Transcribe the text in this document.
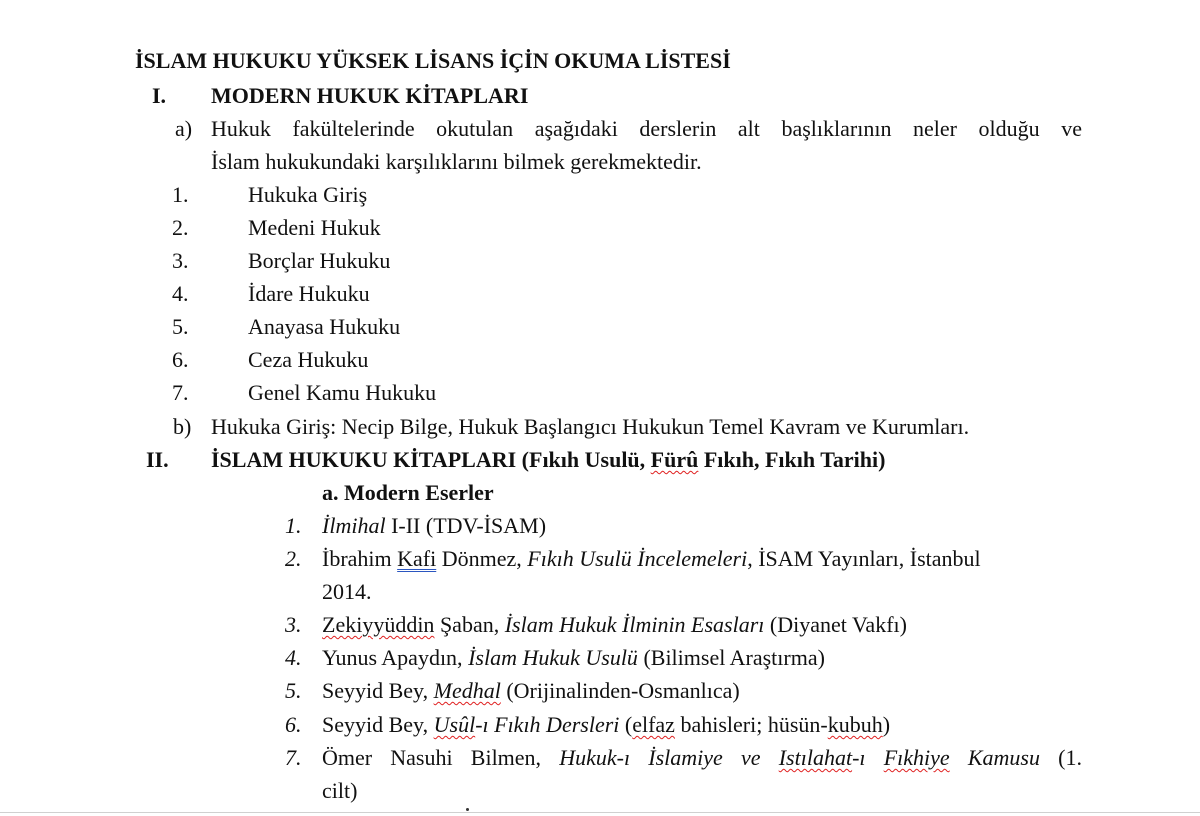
İSLAM HUKUKU YÜKSEK LİSANS İÇİN OKUMA LİSTESİ
I. MODERN HUKUK KİTAPLARI
a) Hukuk fakültelerinde okutulan aşağıdaki derslerin alt başlıklarının neler olduğu ve
İslam hukukundaki karşılıklarını bilmek gerekmektedir.
1.	Hukuka Giriş
2.	Medeni Hukuk
3.	Borçlar Hukuku
4.	İdare Hukuku
5.	Anayasa Hukuku
6.	Ceza Hukuku
7.	Genel Kamu Hukuku
b) Hukuka Giriş: Necip Bilge, Hukuk Başlangıcı Hukukun Temel Kavram ve Kurumları.
II. İSLAM HUKUKU KİTAPLARI (Fıkıh Usulü, Fürû Fıkıh, Fıkıh Tarihi)
a. Modern Eserler
1. İlmihal I-II (TDV-İSAM)
2. İbrahim Kafi Dönmez, Fıkıh Usulü İncelemeleri, İSAM Yayınları, İstanbul
2014.
3. Zekiyyüddin Şaban, İslam Hukuk İlminin Esasları (Diyanet Vakfı)
4. Yunus Apaydın, İslam Hukuk Usulü (Bilimsel Araştırma)
5. Seyyid Bey, Medhal (Orijinalinden-Osmanlıca)
6. Seyyid Bey, Usûl-ı Fıkıh Dersleri (elfaz bahisleri; hüsün-kubuh)
7. Ömer Nasuhi Bilmen, Hukuk-ı İslamiye ve Istılahat-ı Fıkhiye Kamusu (1.
cilt)
